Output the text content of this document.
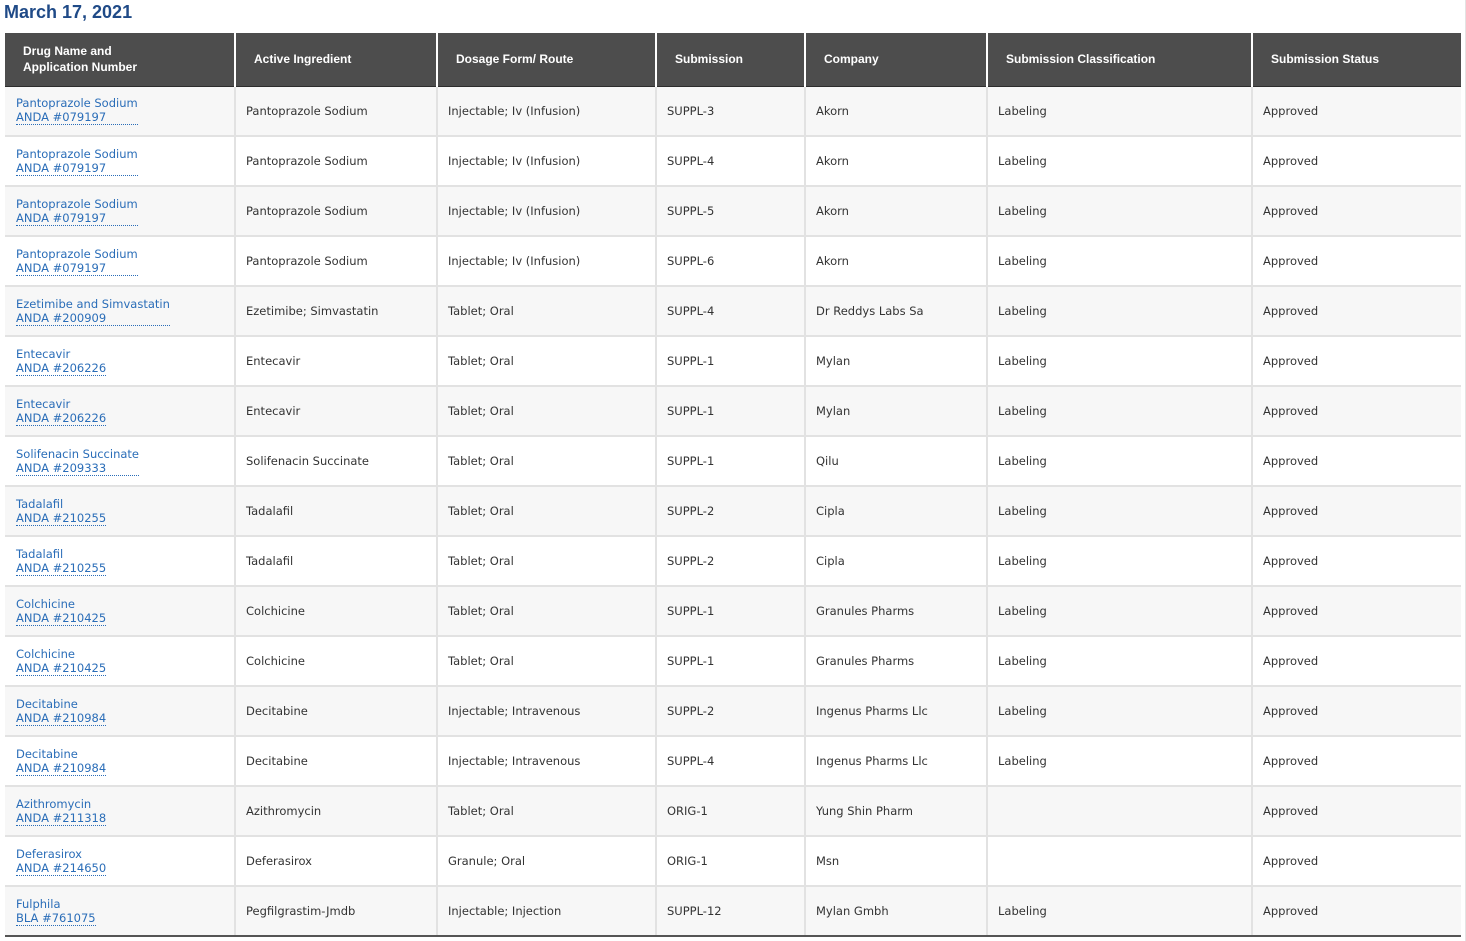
March 17, 2021
Drug Name and
Application Number	Active Ingredient	Dosage Form/ Route	Submission	Company	Submission Classification	Submission Status
Pantoprazole Sodium
ANDA #079197	Pantoprazole Sodium	Injectable; Iv (Infusion)	SUPPL-3	Akorn	Labeling	Approved
Pantoprazole Sodium
ANDA #079197	Pantoprazole Sodium	Injectable; Iv (Infusion)	SUPPL-4	Akorn	Labeling	Approved
Pantoprazole Sodium
ANDA #079197	Pantoprazole Sodium	Injectable; Iv (Infusion)	SUPPL-5	Akorn	Labeling	Approved
Pantoprazole Sodium
ANDA #079197	Pantoprazole Sodium	Injectable; Iv (Infusion)	SUPPL-6	Akorn	Labeling	Approved
Ezetimibe and Simvastatin
ANDA #200909	Ezetimibe; Simvastatin	Tablet; Oral	SUPPL-4	Dr Reddys Labs Sa	Labeling	Approved
Entecavir
ANDA #206226	Entecavir	Tablet; Oral	SUPPL-1	Mylan	Labeling	Approved
Entecavir
ANDA #206226	Entecavir	Tablet; Oral	SUPPL-1	Mylan	Labeling	Approved
Solifenacin Succinate
ANDA #209333	Solifenacin Succinate	Tablet; Oral	SUPPL-1	Qilu	Labeling	Approved
Tadalafil
ANDA #210255	Tadalafil	Tablet; Oral	SUPPL-2	Cipla	Labeling	Approved
Tadalafil
ANDA #210255	Tadalafil	Tablet; Oral	SUPPL-2	Cipla	Labeling	Approved
Colchicine
ANDA #210425	Colchicine	Tablet; Oral	SUPPL-1	Granules Pharms	Labeling	Approved
Colchicine
ANDA #210425	Colchicine	Tablet; Oral	SUPPL-1	Granules Pharms	Labeling	Approved
Decitabine
ANDA #210984	Decitabine	Injectable; Intravenous	SUPPL-2	Ingenus Pharms Llc	Labeling	Approved
Decitabine
ANDA #210984	Decitabine	Injectable; Intravenous	SUPPL-4	Ingenus Pharms Llc	Labeling	Approved
Azithromycin
ANDA #211318	Azithromycin	Tablet; Oral	ORIG-1	Yung Shin Pharm		Approved
Deferasirox
ANDA #214650	Deferasirox	Granule; Oral	ORIG-1	Msn		Approved
Fulphila
BLA #761075	Pegfilgrastim-Jmdb	Injectable; Injection	SUPPL-12	Mylan Gmbh	Labeling	Approved
